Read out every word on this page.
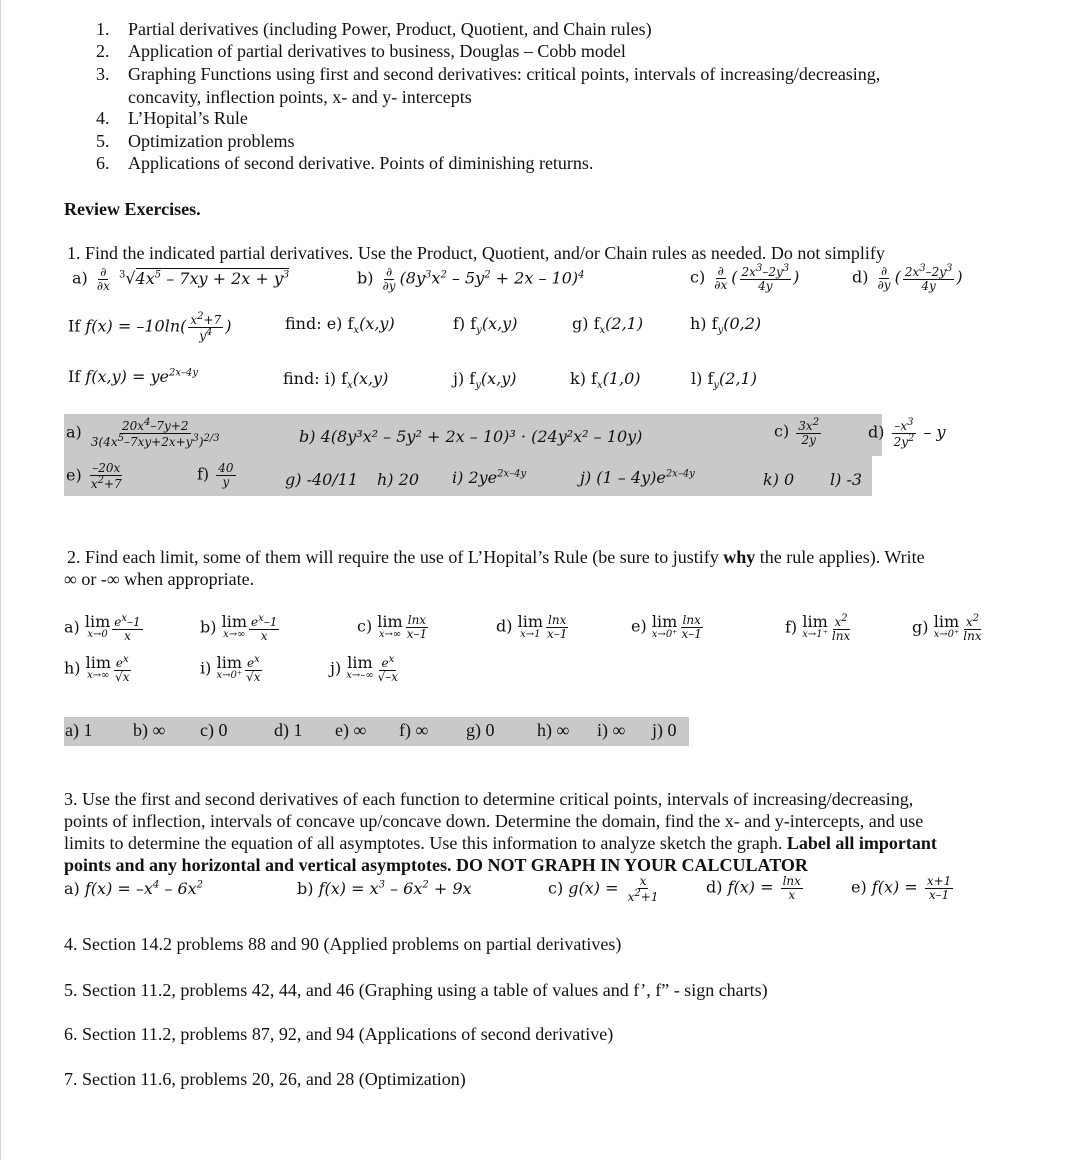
1. Partial derivatives (including Power, Product, Quotient, and Chain rules)
2. Application of partial derivatives to business, Douglas – Cobb model
3. Graphing Functions using first and second derivatives: critical points, intervals of increasing/decreasing,
concavity, inflection points, x- and y- intercepts
4. L’Hopital’s Rule
5. Optimization problems
6. Applications of second derivative. Points of diminishing returns.
Review Exercises.
1. Find the indicated partial derivatives. Use the Product, Quotient, and/or Chain rules as needed. Do not simplify
$a) \frac{\partial}{\partial x} ^3√4x^5 - 7xy + 2x + y^3$	$b) \frac{\partial}{\partial y} (8y^3x^2 - 5y^2 + 2x - 10)^4$	$c) \frac{\partial}{\partial x}$ ( $\frac{2x^3-2y^3}{4y}$ )	$d) \frac{\partial}{\partial y}$ ( $\frac{2x^3-2y^3}{4y}$ )
If $f(x) = -10\ln( \frac{x^2+7}{y^4}$ )	find: e) $f_x(x,y)$	f) $f_y(x,y)$	g) $f_x(2,1)$	h) $f_y(0,2)$
If $f(x,y) = ye^{2x-4y}$	find: i) $f_x(x,y)$	j) $f_y(x,y)$	k) $f_x(1,0)$	l) $f_y(2,1)$
$a) \frac{20x^4-7y+2}{3(4x^5-7xy+2x+y^3)^{2/3}}$	b) 4(8y³x² – 5y² + 2x – 10)³ · (24y²x² – 10y)	$c) \frac{3x^2}{2y}$	$d) \frac{-x^3}{2y^2}$ – y
$e) \frac{-20x}{x^2+7}$	$f) \frac{40}{y}$	g) -40/11 h) 20 i) $2ye^{2x-4y}$	j) $(1 - 4y)e^{2x-4y}$	k) 0 l) -3
2. Find each limit, some of them will require the use of L’Hopital’s Rule (be sure to justify why the rule applies). Write
∞ or -∞ when appropriate.
a) lim
$x\to 0 \frac{e^x-1}{x}$	b) lim
$x\to\infty \frac{e^x-1}{x}$	c) lim
$x\to\infty \frac{\ln x}{x-1}$	d) lim
$x\to 1 \frac{\ln x}{x-1}$	e) lim
$x\to 0^+ \frac{\ln x}{x-1}$	f) lim
$x\to 1^+ \frac{x^2}{\ln x}$	g) lim
$x\to 0^+ \frac{x^2}{\ln x}$
h) lim
$x\to\infty \frac{e^x}{√x}$	i) lim
$x\to 0^+ \frac{e^x}{√x}$	j) lim
$x\to-\infty \frac{e^x}{√-x}$
a) 1 b) ∞ c) 0	d) 1 e) ∞ f) ∞ g) 0 h) ∞ i) ∞ j) 0
3. Use the first and second derivatives of each function to determine critical points, intervals of increasing/decreasing,
points of inflection, intervals of concave up/concave down. Determine the domain, find the x- and y-intercepts, and use
limits to determine the equation of all asymptotes. Use this information to analyze sketch the graph. Label all important
points and any horizontal and vertical asymptotes. DO NOT GRAPH IN YOUR CALCULATOR
a) $f(x) = -x^4 - 6x^2$	b) $f(x) = x^3 - 6x^2 + 9x$	c) $g(x) = \frac{x}{x^2+1}$	d) $f(x) = \frac{\ln x}{x}$	e) $f(x) = \frac{x+1}{x-1}$
4. Section 14.2 problems 88 and 90 (Applied problems on partial derivatives)
5. Section 11.2, problems 42, 44, and 46 (Graphing using a table of values and f’, f” - sign charts)
6. Section 11.2, problems 87, 92, and 94 (Applications of second derivative)
7. Section 11.6, problems 20, 26, and 28 (Optimization)
